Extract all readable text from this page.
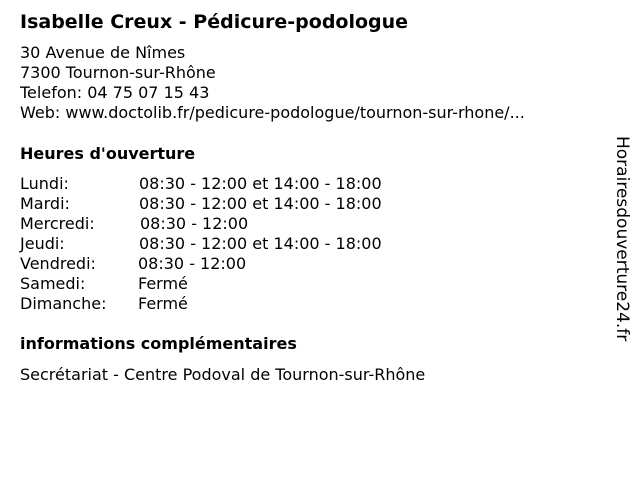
Isabelle Creux - Pédicure-podologue
30 Avenue de Nîmes
7300 Tournon-sur-Rhône
Telefon: 04 75 07 15 43
Web: www.doctolib.fr/pedicure-podologue/tournon-sur-rhone/...
Heures d'ouverture
Lundi:	08:30 - 12:00 et 14:00 - 18:00
Mardi:	08:30 - 12:00 et 14:00 - 18:00
Mercredi:	08:30 - 12:00
Jeudi:	08:30 - 12:00 et 14:00 - 18:00
Vendredi:	08:30 - 12:00
Samedi:	Fermé
Dimanche: Fermé
informations complémentaires
Secrétariat - Centre Podoval de Tournon-sur-Rhône
Horairesdouverture24.fr
